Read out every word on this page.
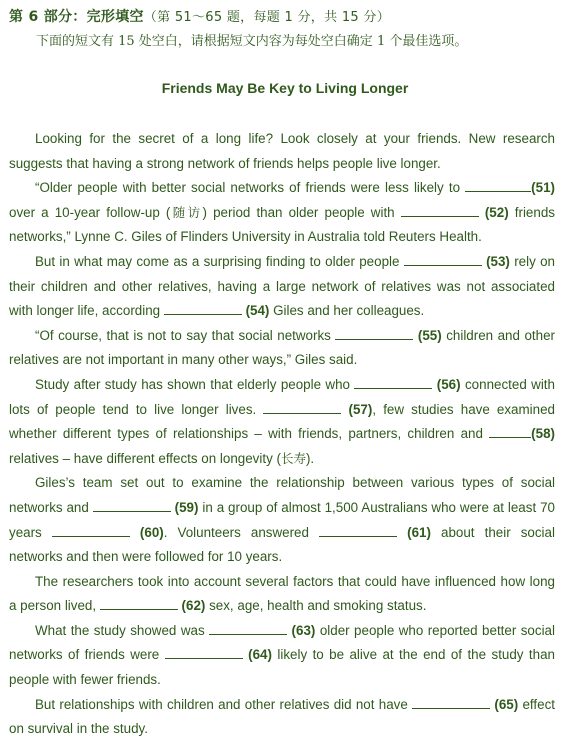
第 6 部分：完形填空（第 51～65 题，每题 1 分，共 15 分）
下面的短文有 15 处空白，请根据短文内容为每处空白确定 1 个最佳选项。
Friends May Be Key to Living Longer

Looking for the secret of a long life? Look closely at your friends. New research suggests that having a strong network of friends helps people live longer.

“Older people with better social networks of friends were less likely to	(51) over a 10-year follow-up (随访) period than older people with	(52) friends networks,” Lynne C. Giles of Flinders University in Australia told Reuters Health.

But in what may come as a surprising finding to older people	(53) rely on their children and other relatives, having a large network of relatives was not associated with longer life, according	(54) Giles and her colleagues.

“Of course, that is not to say that social networks	(55) children and other relatives are not important in many other ways,” Giles said.

Study after study has shown that elderly people who	(56) connected with lots of people tend to live longer lives.	(57), few studies have examined whether different types of relationships – with friends, partners, children and	(58) relatives – have different effects on longevity (长寿).

Giles’s team set out to examine the relationship between various types of social networks and	(59) in a group of almost 1,500 Australians who were at least 70 years	(60). Volunteers answered	(61) about their social networks and then were followed for 10 years.

The researchers took into account several factors that could have influenced how long a person lived,	(62) sex, age, health and smoking status.

What the study showed was	(63) older people who reported better social networks of friends were	(64) likely to be alive at the end of the study than people with fewer friends.

But relationships with children and other relatives did not have	(65) effect on survival in the study.
